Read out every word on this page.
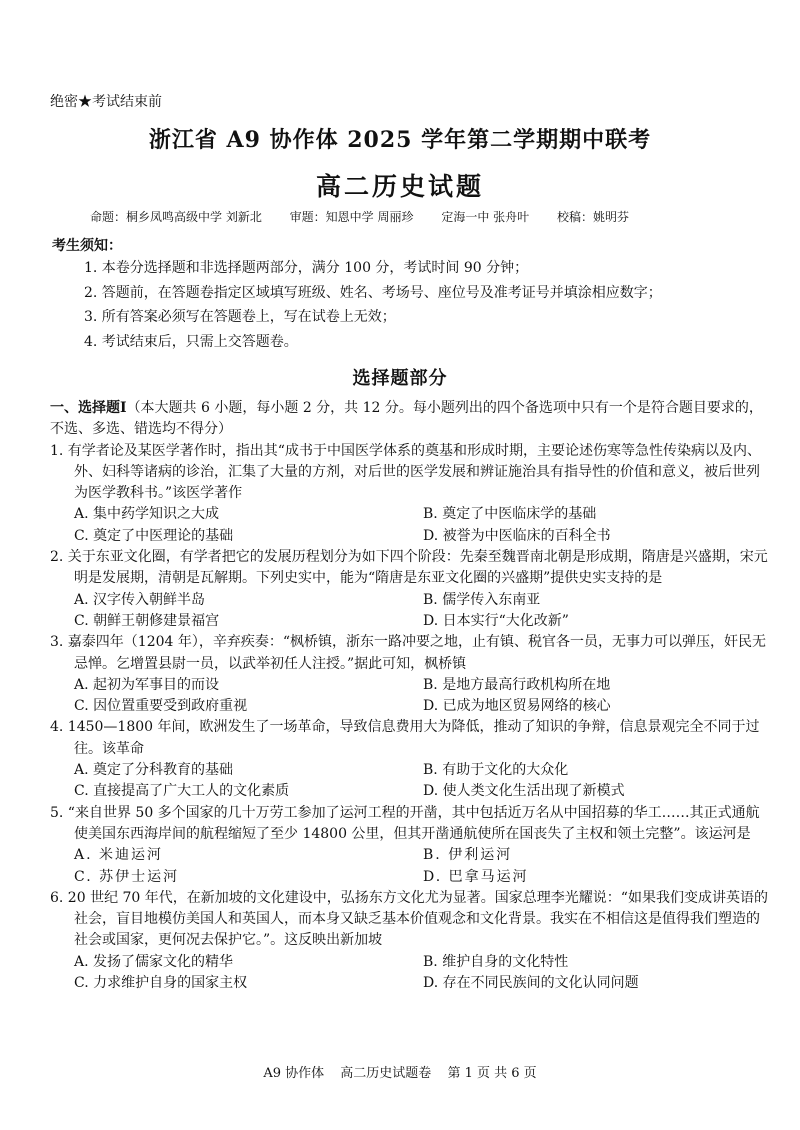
绝密★考试结束前
浙江省 A9 协作体 2025 学年第二学期期中联考
高二历史试题
命题：桐乡凤鸣高级中学 刘新北 审题：知恩中学 周丽珍 定海一中 张舟叶 校稿：姚明芬
考生须知：
1. 本卷分选择题和非选择题两部分，满分 100 分，考试时间 90 分钟；
2. 答题前，在答题卷指定区域填写班级、姓名、考场号、座位号及准考证号并填涂相应数字；
3. 所有答案必须写在答题卷上，写在试卷上无效；
4. 考试结束后，只需上交答题卷。
选择题部分
一、选择题Ⅰ（本大题共 6 小题，每小题 2 分，共 12 分。每小题列出的四个备选项中只有一个是符合题目要求的，不选、多选、错选均不得分）
1. 有学者论及某医学著作时，指出其“成书于中国医学体系的奠基和形成时期，主要论述伤寒等急性传染病以及内、外、妇科等诸病的诊治，汇集了大量的方剂，对后世的医学发展和辨证施治具有指导性的价值和意义，被后世列为医学教科书。”该医学著作
A. 集中药学知识之大成	B. 奠定了中医临床学的基础
C. 奠定了中医理论的基础	D. 被誉为中医临床的百科全书
2. 关于东亚文化圈，有学者把它的发展历程划分为如下四个阶段：先秦至魏晋南北朝是形成期，隋唐是兴盛期，宋元明是发展期，清朝是瓦解期。下列史实中，能为“隋唐是东亚文化圈的兴盛期”提供史实支持的是
A. 汉字传入朝鲜半岛	B. 儒学传入东南亚
C. 朝鲜王朝修建景福宫	D. 日本实行“大化改新”
3. 嘉泰四年（1204 年），辛弃疾奏：“枫桥镇，浙东一路冲要之地，止有镇、税官各一员，无事力可以弹压，奸民无忌惮。乞增置县尉一员，以武举初任人注授。”据此可知，枫桥镇
A. 起初为军事目的而设	B. 是地方最高行政机构所在地
C. 因位置重要受到政府重视	D. 已成为地区贸易网络的核心
4. 1450—1800 年间，欧洲发生了一场革命，导致信息费用大为降低，推动了知识的争辩，信息景观完全不同于过往。该革命
A. 奠定了分科教育的基础	B. 有助于文化的大众化
C. 直接提高了广大工人的文化素质	D. 使人类文化生活出现了新模式
5. “来自世界 50 多个国家的几十万劳工参加了运河工程的开凿，其中包括近万名从中国招募的华工……其正式通航使美国东西海岸间的航程缩短了至少 14800 公里，但其开凿通航使所在国丧失了主权和领土完整”。该运河是
A. 米迪运河	B. 伊利运河
C. 苏伊士运河	D. 巴拿马运河
6. 20 世纪 70 年代，在新加坡的文化建设中，弘扬东方文化尤为显著。国家总理李光耀说：“如果我们变成讲英语的社会，盲目地模仿美国人和英国人，而本身又缺乏基本价值观念和文化背景。我实在不相信这是值得我们塑造的社会或国家，更何况去保护它。”。这反映出新加坡
A. 发扬了儒家文化的精华	B. 维护自身的文化特性
C. 力求维护自身的国家主权	D. 存在不同民族间的文化认同问题
A9 协作体 高二历史试题卷 第 1 页 共 6 页
